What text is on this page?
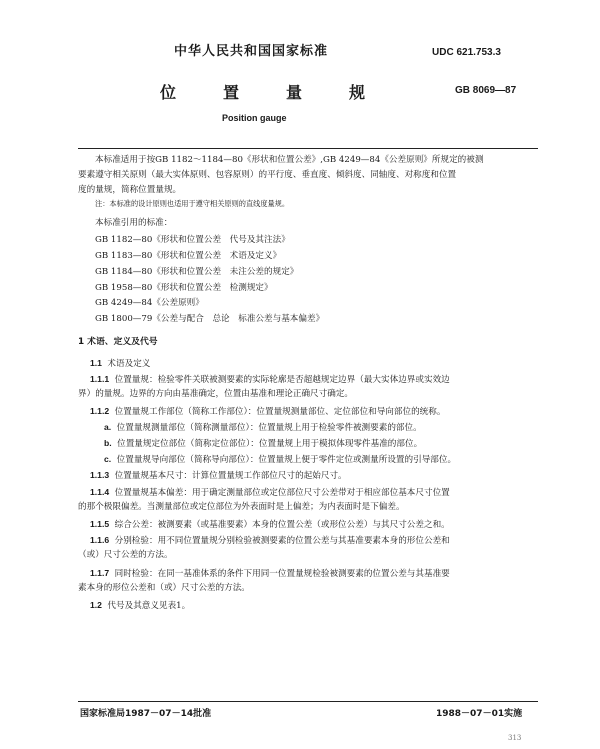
中华人民共和国国家标准	UDC 621.753.3
GB 8069—87
位	置	量	规
Position gauge
本标准适用于按GB 1182～1184—80《形状和位置公差》,GB 4249—84《公差原则》所规定的被测
要素遵守相关原则（最大实体原则、包容原则）的平行度、垂直度、倾斜度、同轴度、对称度和位置
度的量规，简称位置量规。
注：本标准的设计原则也适用于遵守相关原则的直线度量规。
本标准引用的标准：
GB 1182—80《形状和位置公差　代号及其注法》
GB 1183—80《形状和位置公差　术语及定义》
GB 1184—80《形状和位置公差　未注公差的规定》
GB 1958—80《形状和位置公差　检测规定》
GB 4249—84《公差原则》
GB 1800—79《公差与配合　总论　标准公差与基本偏差》
1 术语、定义及代号
1.1 术语及定义
1.1.1 位置量规：检验零件关联被测要素的实际轮廓是否超越规定边界（最大实体边界或实效边
界）的量规。边界的方向由基准确定，位置由基准和理论正确尺寸确定。
1.1.2 位置量规工作部位（简称工作部位）：位置量规测量部位、定位部位和导向部位的统称。
a. 位置量规测量部位（简称测量部位）：位置量规上用于检验零件被测要素的部位。
b. 位置量规定位部位（简称定位部位）：位置量规上用于模拟体现零件基准的部位。
c. 位置量规导向部位（简称导向部位）：位置量规上便于零件定位或测量所设置的引导部位。
1.1.3 位置量规基本尺寸：计算位置量规工作部位尺寸的起始尺寸。
1.1.4 位置量规基本偏差：用于确定测量部位或定位部位尺寸公差带对于相应部位基本尺寸位置
的那个极限偏差。当测量部位或定位部位为外表面时是上偏差；为内表面时是下偏差。
1.1.5 综合公差：被测要素（或基准要素）本身的位置公差（或形位公差）与其尺寸公差之和。
1.1.6 分别检验：用不同位置量规分别检验被测要素的位置公差与其基准要素本身的形位公差和
（或）尺寸公差的方法。
1.1.7 同时检验：在同一基准体系的条件下用同一位置量规检验被测要素的位置公差与其基准要
素本身的形位公差和（或）尺寸公差的方法。
1.2 代号及其意义见表1。
国家标准局1987－07－14批准	1988－07－01实施
313
